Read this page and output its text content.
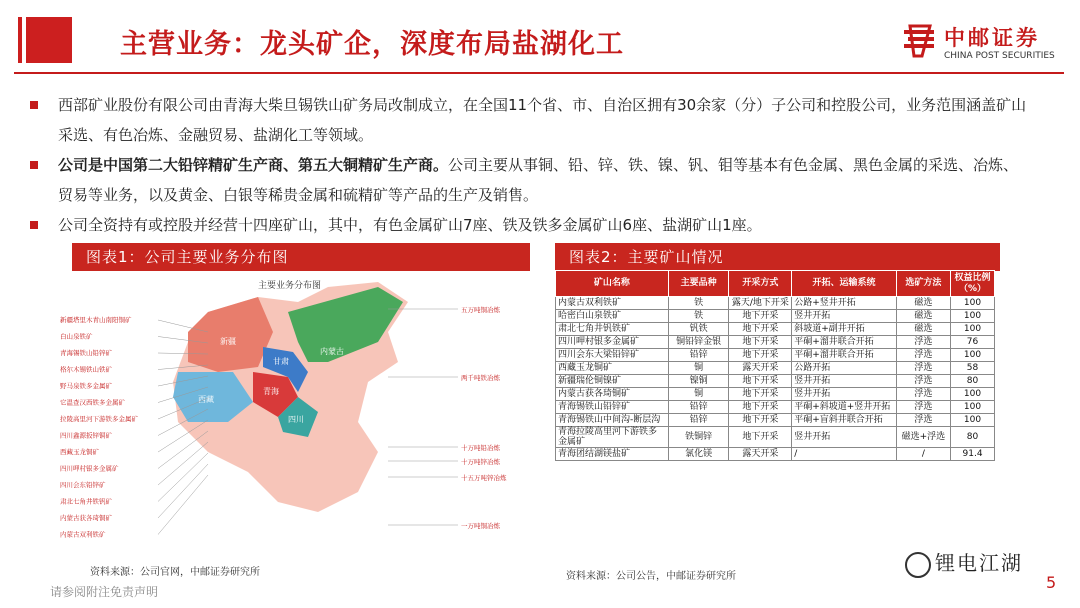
主营业务：龙头矿企，深度布局盐湖化工	中邮证券
CHINA POST SECURITIES

西部矿业股份有限公司由青海大柴旦锡铁山矿务局改制成立，在全国11个省、市、自治区拥有30余家（分）子公司和控股公司，业务范围涵盖矿山采选、有色冶炼、金融贸易、盐湖化工等领域。

公司是中国第二大铅锌精矿生产商、第五大铜精矿生产商。公司主要从事铜、铅、锌、铁、镍、钒、钼等基本有色金属、黑色金属的采选、冶炼、贸易等业务，以及黄金、白银等稀贵金属和硫精矿等产品的生产及销售。

公司全资持有或控股并经营十四座矿山，其中，有色金属矿山7座、铁及铁多金属矿山6座、盐湖矿山1座。

图表1：公司主要业务分布图	图表2：主要矿山情况
主要业务分布图
新疆
西藏
青海
甘肃
四川
内蒙古
新疆塔里木青山南阳铜矿
白山泉铁矿
青海锡铁山铅锌矿
格尔木锡铁山铁矿
野马泉铁多金属矿
它温查汉西铁多金属矿
拉陵高里河下游铁多金属矿
四川鑫源扳锌铜矿
西藏玉龙铜矿
四川呷村银多金属矿
四川会东铅锌矿
肃北七角井铁钒矿
内蒙古获各琦铜矿
内蒙古双利铁矿
五万吨铜冶炼
两千吨铁冶炼
十万吨铅冶炼
十万吨锌冶炼
十五万吨锌冶炼
一万吨铜冶炼
资料来源：公司官网，中邮证券研究所
矿山名称	主要品种	开采方式	开拓、运输系统	选矿方法	权益比例（%）
内蒙古双利铁矿	铁	露天/地下开采	公路+竖井开拓	磁选	100
哈密白山泉铁矿	铁	地下开采	竖井开拓	磁选	100
肃北七角井钒铁矿	钒铁	地下开采	斜坡道+副井开拓	磁选	100
四川呷村银多金属矿	铜铅锌金银	地下开采	平硐+溜井联合开拓	浮选	76
四川会东大梁铅锌矿	铅锌	地下开采	平硐+溜井联合开拓	浮选	100
西藏玉龙铜矿	铜	露天开采	公路开拓	浮选	58
新疆瑞伦铜镍矿	镍铜	地下开采	竖井开拓	浮选	80
内蒙古获各琦铜矿	铜	地下开采	竖井开拓	浮选	100
青海锡铁山铅锌矿	铅锌	地下开采	平硐+斜坡道+竖井开拓	浮选	100
青海锡铁山中间沟-断层沟	铅锌	地下开采	平硐+盲斜井联合开拓	浮选	100
青海拉陵高里河下游铁多金属矿	铁铜锌	地下开采	竖井开拓	磁选+浮选	80
青海团结湖镁盐矿	氯化镁	露天开采	/	/	91.4
资料来源：公司公告，中邮证券研究所
请参阅附注免责声明
锂电江湖
5
